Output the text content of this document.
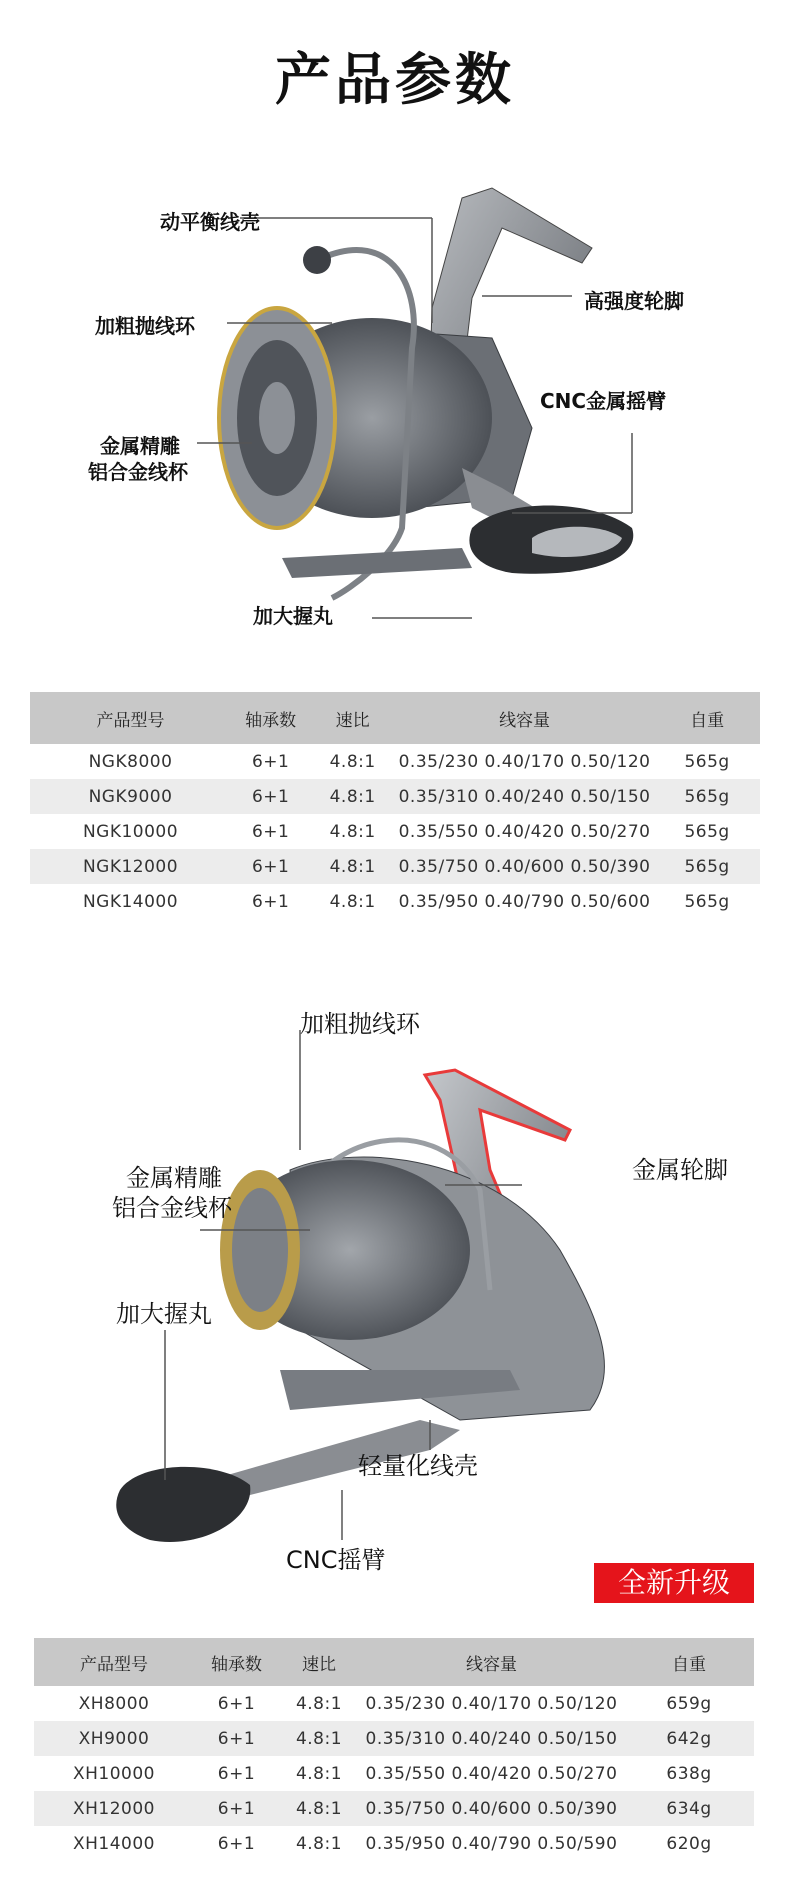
产品参数
动平衡线壳
加粗抛线环
金属精雕
铝合金线杯
高强度轮脚
CNC金属摇臂
加大握丸
产品型号	轴承数	速比	线容量	自重
NGK8000	6+1	4.8:1	0.35/230 0.40/170 0.50/120	565g
NGK9000	6+1	4.8:1	0.35/310 0.40/240 0.50/150	565g
NGK10000	6+1	4.8:1	0.35/550 0.40/420 0.50/270	565g
NGK12000	6+1	4.8:1	0.35/750 0.40/600 0.50/390	565g
NGK14000	6+1	4.8:1	0.35/950 0.40/790 0.50/600	565g
加粗抛线环
金属轮脚
金属精雕
铝合金线杯
加大握丸
轻量化线壳
CNC摇臂
全新升级
产品型号	轴承数	速比	线容量	自重
XH8000	6+1	4.8:1	0.35/230 0.40/170 0.50/120	659g
XH9000	6+1	4.8:1	0.35/310 0.40/240 0.50/150	642g
XH10000	6+1	4.8:1	0.35/550 0.40/420 0.50/270	638g
XH12000	6+1	4.8:1	0.35/750 0.40/600 0.50/390	634g
XH14000	6+1	4.8:1	0.35/950 0.40/790 0.50/590	620g
